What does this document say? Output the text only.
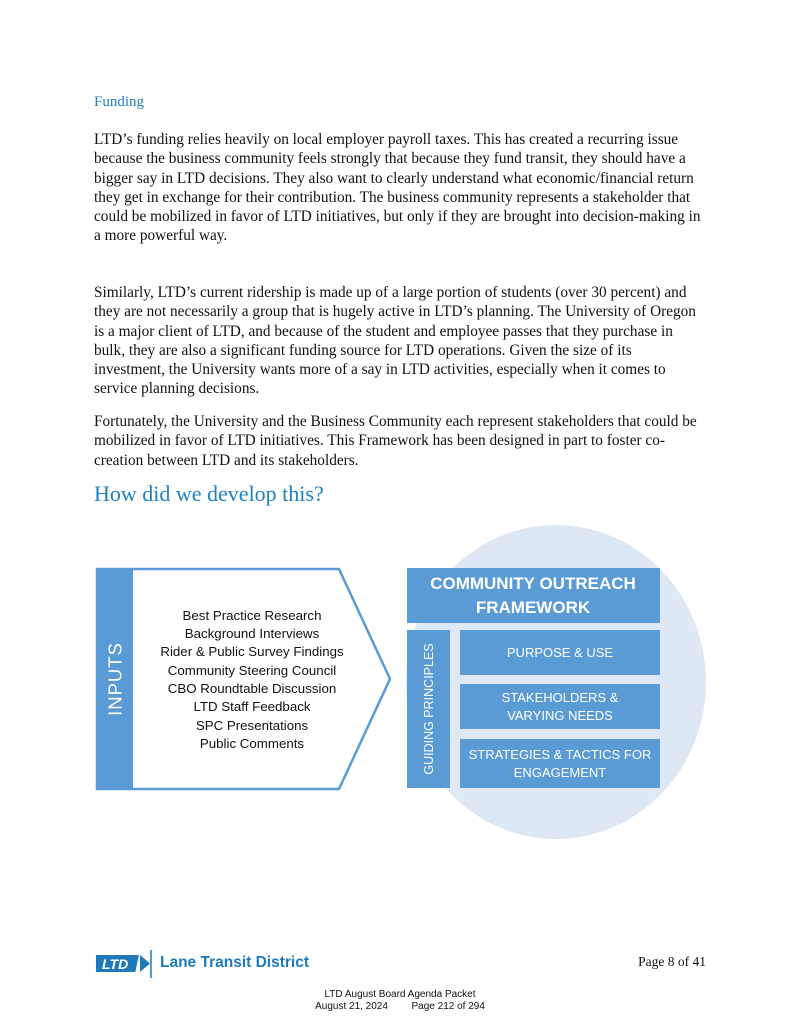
Funding

LTD’s funding relies heavily on local employer payroll taxes. This has created a recurring issue because the business community feels strongly that because they fund transit, they should have a bigger say in LTD decisions. They also want to clearly understand what economic/financial return they get in exchange for their contribution. The business community represents a stakeholder that could be mobilized in favor of LTD initiatives, but only if they are brought into decision-making in a more powerful way.

Similarly, LTD’s current ridership is made up of a large portion of students (over 30 percent) and they are not necessarily a group that is hugely active in LTD’s planning. The University of Oregon is a major client of LTD, and because of the student and employee passes that they purchase in bulk, they are also a significant funding source for LTD operations. Given the size of its investment, the University wants more of a say in LTD activities, especially when it comes to service planning decisions.

Fortunately, the University and the Business Community each represent stakeholders that could be mobilized in favor of LTD initiatives. This Framework has been designed in part to foster co-creation between LTD and its stakeholders.

How did we develop this?
INPUTS
Best Practice Research
Background Interviews
Rider & Public Survey Findings
Community Steering Council
CBO Roundtable Discussion
LTD Staff Feedback
SPC Presentations
Public Comments
COMMUNITY OUTREACH
FRAMEWORK
GUIDING PRINCIPLES	PURPOSE & USE
STAKEHOLDERS &
VARYING NEEDS
STRATEGIES & TACTICS FOR
ENGAGEMENT
LTD Lane Transit District	Page 8 of 41
LTD August Board Agenda Packet
August 21, 2024 Page 212 of 294
